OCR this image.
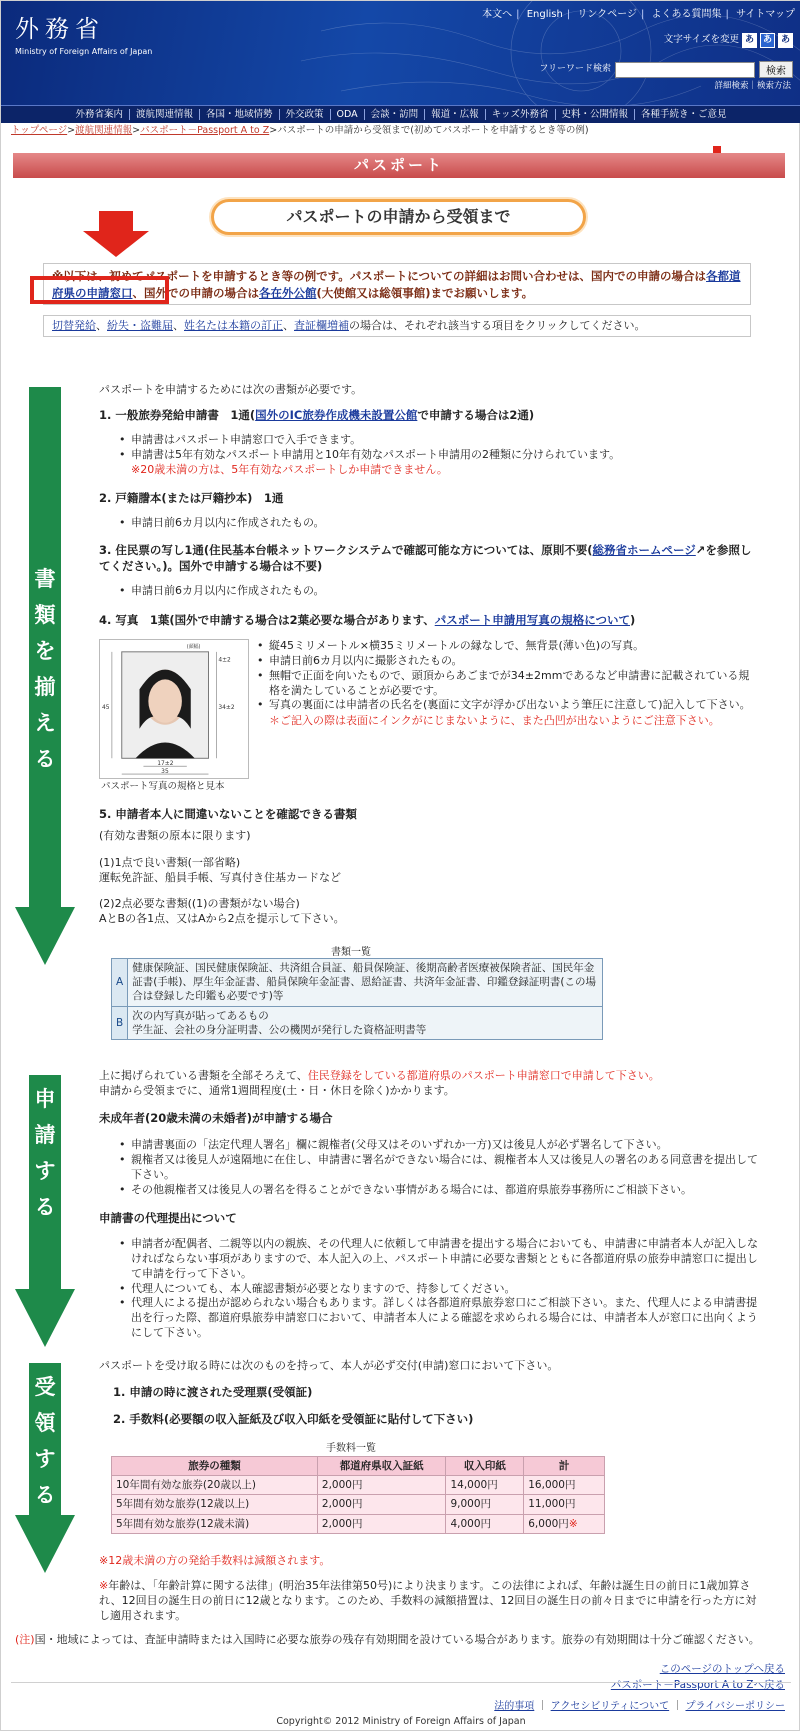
外務省
Ministry of Foreign Affairs of Japan
本文へ | English | リンクページ | よくある質問集 | サイトマップ
文字サイズを変更 あ あ あ
フリーワード検索	検索
詳細検索｜検索方法
外務省案内	渡航関連情報	各国・地域情勢	外交政策	ODA	会談・訪問	報道・広報	キッズ外務省	史料・公開情報	各種手続き・ご意見
トップページ>渡航関連情報>パスポート－Passport A to Z>パスポートの申請から受領まで(初めてパスポートを申請するとき等の例)
パスポート
パスポートの申請から受領まで
※以下は、初めてパスポートを申請するとき等の例です。パスポートについての詳細はお問い合わせは、国内での申請の場合は各都道府県の申請窓口、国外での申請の場合は各在外公館(大使館又は総領事館)までお願いします。
切替発給、紛失・盗難届、姓名たは本籍の訂正、査証欄増補の場合は、それぞれ該当する項目をクリックしてください。
書
類
を
揃
え
る
申
請
す
る
受
領
す
る
パスポートを申請するためには次の書類が必要です。
1. 一般旅券発給申請書　1通(国外のIC旅券作成機未設置公館で申請する場合は2通)
• 申請書はパスポート申請窓口で入手できます。
• 申請書は5年有効なパスポート申請用と10年有効なパスポート申請用の2種類に分けられています。
※20歳未満の方は、5年有効なパスポートしか申請できません。
2. 戸籍謄本(または戸籍抄本)　1通
• 申請日前6カ月以内に作成されたもの。
3. 住民票の写し1通(住民基本台帳ネットワークシステムで確認可能な方については、原則不要(総務省ホームページ↗を参照してください。)。国外で申請する場合は不要)
• 申請日前6カ月以内に作成されたもの。
4. 写真　1葉(国外で申請する場合は2葉必要な場合があります、パスポート申請用写真の規格について)
(顔幅)
4±2
34±2
45
17±2
35
パスポート写真の規格と見本
• 縦45ミリメートル×横35ミリメートルの縁なしで、無背景(薄い色)の写真。
• 申請日前6カ月以内に撮影されたもの。
• 無帽で正面を向いたもので、頭頂からあごまでが34±2mmであるなど申請書に記載されている規格を満たしていることが必要です。
• 写真の裏面には申請者の氏名を(裏面に文字が浮かび出ないよう筆圧に注意して)記入して下さい。
＊ご記入の際は表面にインクがにじまないように、また凸凹が出ないようにご注意下さい。
5. 申請者本人に間違いないことを確認できる書類
(有効な書類の原本に限ります)
(1)1点で良い書類(一部省略)
運転免許証、船員手帳、写真付き住基カードなど
(2)2点必要な書類((1)の書類がない場合)
AとBの各1点、又はAから2点を提示して下さい。
書類一覧
A	健康保険証、国民健康保険証、共済組合員証、船員保険証、後期高齢者医療被保険者証、国民年金証書(手帳)、厚生年金証書、船員保険年金証書、恩給証書、共済年金証書、印鑑登録証明書(この場合は登録した印鑑も必要です)等
B	次の内写真が貼ってあるもの
学生証、会社の身分証明書、公の機関が発行した資格証明書等
上に掲げられている書類を全部そろえて、住民登録をしている都道府県のパスポート申請窓口で申請して下さい。
申請から受領までに、通常1週間程度(土・日・休日を除く)かかります。
未成年者(20歳未満の未婚者)が申請する場合
• 申請書裏面の「法定代理人署名」欄に親権者(父母又はそのいずれか一方)又は後見人が必ず署名して下さい。
• 親権者又は後見人が遠隔地に在住し、申請書に署名ができない場合には、親権者本人又は後見人の署名のある同意書を提出して下さい。
• その他親権者又は後見人の署名を得ることができない事情がある場合には、都道府県旅券事務所にご相談下さい。
申請書の代理提出について
• 申請者が配偶者、二親等以内の親族、その代理人に依頼して申請書を提出する場合においても、申請書に申請者本人が記入しなければならない事項がありますので、本人記入の上、パスポート申請に必要な書類とともに各都道府県の旅券申請窓口に提出して申請を行って下さい。
• 代理人についても、本人確認書類が必要となりますので、持参してください。
• 代理人による提出が認められない場合もあります。詳しくは各都道府県旅券窓口にご相談下さい。また、代理人による申請書提出を行った際、都道府県旅券申請窓口において、申請者本人による確認を求められる場合には、申請者本人が窓口に出向くようにして下さい。
パスポートを受け取る時には次のものを持って、本人が必ず交付(申請)窓口において下さい。
1. 申請の時に渡された受理票(受領証)
2. 手数料(必要額の収入証紙及び収入印紙を受領証に貼付して下さい)
手数料一覧
旅券の種類	都道府県収入証紙	収入印紙	計
10年間有効な旅券(20歳以上)	2,000円	14,000円	16,000円
5年間有効な旅券(12歳以上)	2,000円	9,000円	11,000円
5年間有効な旅券(12歳未満)	2,000円	4,000円	6,000円※
※12歳未満の方の発給手数料は減額されます。
※年齢は、「年齢計算に関する法律」(明治35年法律第50号)により決まります。この法律によれば、年齢は誕生日の前日に1歳加算され、12回目の誕生日の前日に12歳となります。このため、手数料の減額措置は、12回目の誕生日の前々日までに申請を行った方に対し適用されます。
(注)国・地域によっては、査証申請時または入国時に必要な旅券の残存有効期間を設けている場合があります。旅券の有効期間は十分ご確認ください。
このページのトップへ戻る
パスポート－Passport A to Zへ戻る
法的事項 ｜ アクセシビリティについて ｜ プライバシーポリシー
Copyright© 2012 Ministry of Foreign Affairs of Japan
